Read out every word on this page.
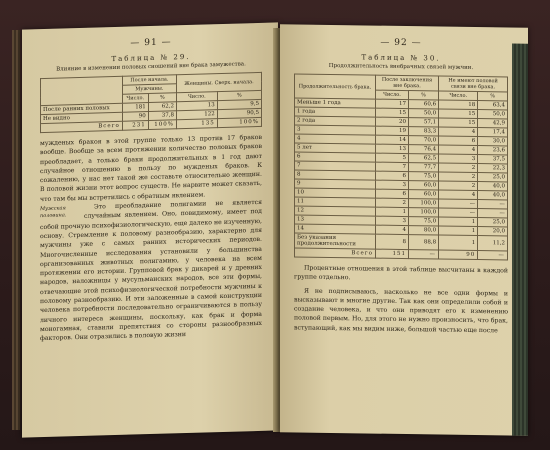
— 91 —
Таблица № 29.
Влияние в изменении половых сношений вне брака замужества.
	После начала.		Женщины. Сверх. начала.	
	Мужчины.			
	Число.	%	Число.	%
После ранних половых	181	62,2	13	9,5
Не видно	90	37,8	122	90,5
Всего	231	100%	135	100%

мужденых бракоя в этой группе только 13 против 17 браков вообще. Вообще за всем протяжении количество половых браков преобладает, а только браки продолжительных в 1 год дают случайное отношению в пользу по мужденых браков. К сожалению, у нас нет такой же составьте относительно женщин. В половой жизни этот вопрос существ. Не нарвите может сказать, что там бы мы встретились с обратным явлением.

Мужская половина.

Это преобладание полигамии не является случайным явлением. Оно, повидимому, имеет под собой прочную психофизиологическую, еще далеко не изученную, основу. Стремление к половому разнообразию, характерно для мужчины уже с самых ранних исторических периодов. Многочисленные исследования установили у большинства организованных животных полигамию, у человека на всем протяжении его истории. Групповой брак у дикарей и у древних народов, наложницы у мусульманских народов, все эти формы, отвечающие этой психофизиологической потребности мужчины к половому разнообразию. И эти заложенные в самой конструкции человека потребности последовательно ограничиваются в пользу личного интереса женщины, поскольку, как брак и форма моногамная, ставили препятствия со стороны разнообразных факторов. Они отразились в половую жизни

— 92 —
Таблица № 30.
Продолжительность внебрачных связей мужчин.
Продолжительность брака.	После заключения вне брака.		Не имеют половой связи вне брака.	
	Число.	%	Число.	%
Меньше 1 года	17	60,6	18	63,4
1 года	15	50,0	15	50,0
2 года	20	57,1	15	42,9
3	19	83,3	4	17,4
4	14	70,0	6	30,0
5 лет	13	76,4	4	23,6
6	5	62,5	3	37,5
7	7	77,7	2	22,3
8	6	75,0	2	25,0
9	3	60,0	2	40,0
10	6	60,0	4	40,0
11	2	100,0	—	—
12	1	100,0	—	—
13	3	75,0	1	25,0
14	4	80,0	1	20,0
Без указания продолжительности	8	88,8	1	11,2
Всего	151	—	90	—

Процентные отношения в этой таблице высчитаны в каждой группе отдельно.

Я не подписываюсь, насколько не все одни формы и высказывают и многие другие. Так как они определили собой и создание человека, и что они приводят его к изменению половой первым. Но, для этого не нужно произносить, что брак, вступающий, как мы видим ниже, большой частью еще после
